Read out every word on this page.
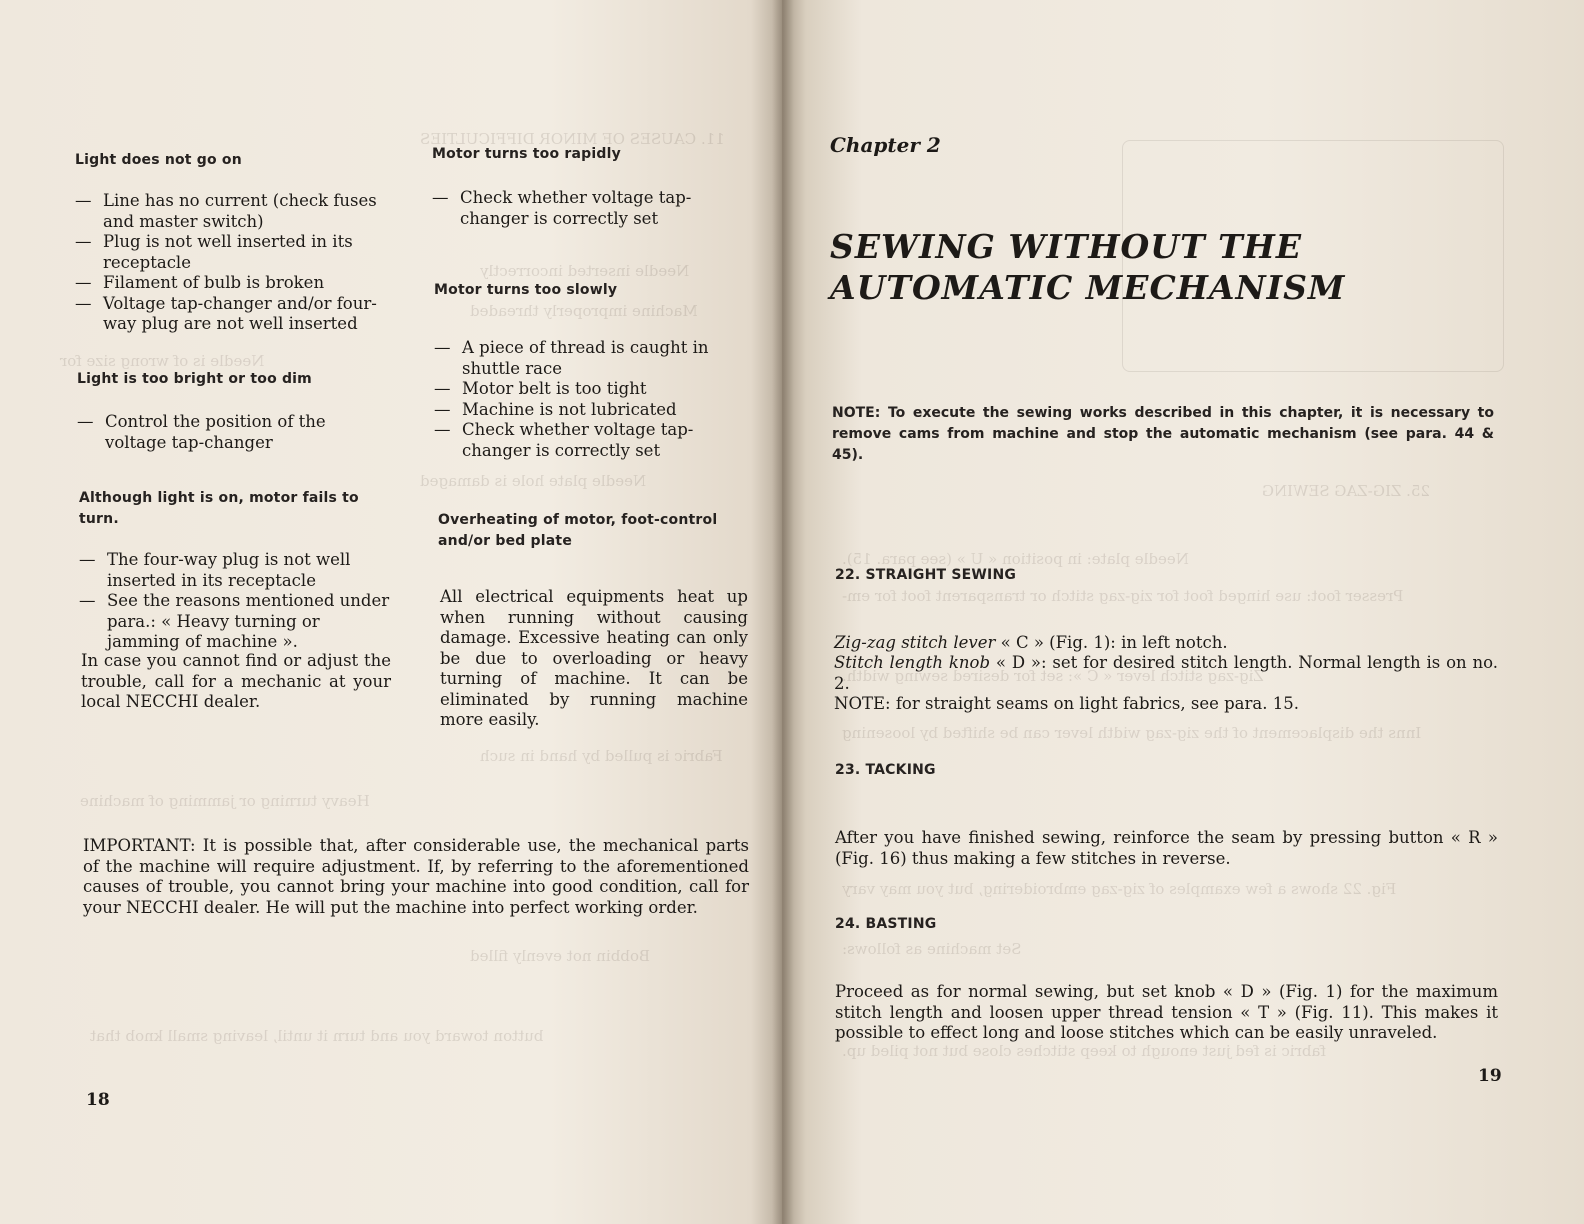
11. CAUSES OF MINOR DIFFICULTIES
Needle inserted incorrectly
Machine improperly threaded
Needle is of wrong size for
Needle plate hole is damaged
Heavy turning or jamming of machine
Fabric is pulled by hand in such
Bobbin not evenly filled
button toward you and turn it until, leaving small knob that
Light does not go on
— Line has no current (check fuses and master switch)
— Plug is not well inserted in its receptacle
— Filament of bulb is broken
— Voltage tap-changer and/or four-way plug are not well inserted
Light is too bright or too dim
— Control the position of the voltage tap-changer
Although light is on, motor fails to turn.
— The four-way plug is not well inserted in its receptacle
— See the reasons mentioned under para.: « Heavy turning or jamming of machine ».

In case you cannot find or adjust the trouble, call for a mechanic at your local NECCHI dealer.

Motor turns too rapidly
— Check whether voltage tap-changer is correctly set
Motor turns too slowly
— A piece of thread is caught in shuttle race
— Motor belt is too tight
— Machine is not lubricated
— Check whether voltage tap-changer is correctly set
Overheating of motor, foot-control and/or bed plate

All electrical equipments heat up when running without causing damage. Excessive heating can only be due to overloading or heavy turning of machine. It can be eliminated by running machine more easily.

IMPORTANT: It is possible that, after considerable use, the mechanical parts of the machine will require adjustment. If, by referring to the aforementioned causes of trouble, you cannot bring your machine into good condition, call for your NECCHI dealer. He will put the machine into perfect working order.

18
25. ZIG-ZAG SEWING
Needle plate: in position « U » (see para. 15).
Presser foot: use hinged foot for zig-zag stitch or transparent foot for em-
Zig-zag stitch lever « C »: set for desired sewing width.
Inns the displacement of the zig-zag width lever can be shifted by loosening
Fig. 22 shows a few examples of zig-zag embroidering, but you may vary
Set machine as follows:
fabric is fed just enough to keep stitches close but not piled up.
Chapter 2
SEWING WITHOUT THE
AUTOMATIC MECHANISM

NOTE: To execute the sewing works described in this chapter, it is necessary to remove cams from machine and stop the automatic mechanism (see para. 44 & 45).

22. STRAIGHT SEWING

Zig-zag stitch lever « C » (Fig. 1): in left notch.

Stitch length knob « D »: set for desired stitch length. Normal length is on no. 2.

NOTE: for straight seams on light fabrics, see para. 15.

23. TACKING

After you have finished sewing, reinforce the seam by pressing button « R » (Fig. 16) thus making a few stitches in reverse.

24. BASTING

Proceed as for normal sewing, but set knob « D » (Fig. 1) for the maximum stitch length and loosen upper thread tension « T » (Fig. 11). This makes it possible to effect long and loose stitches which can be easily unraveled.

19
